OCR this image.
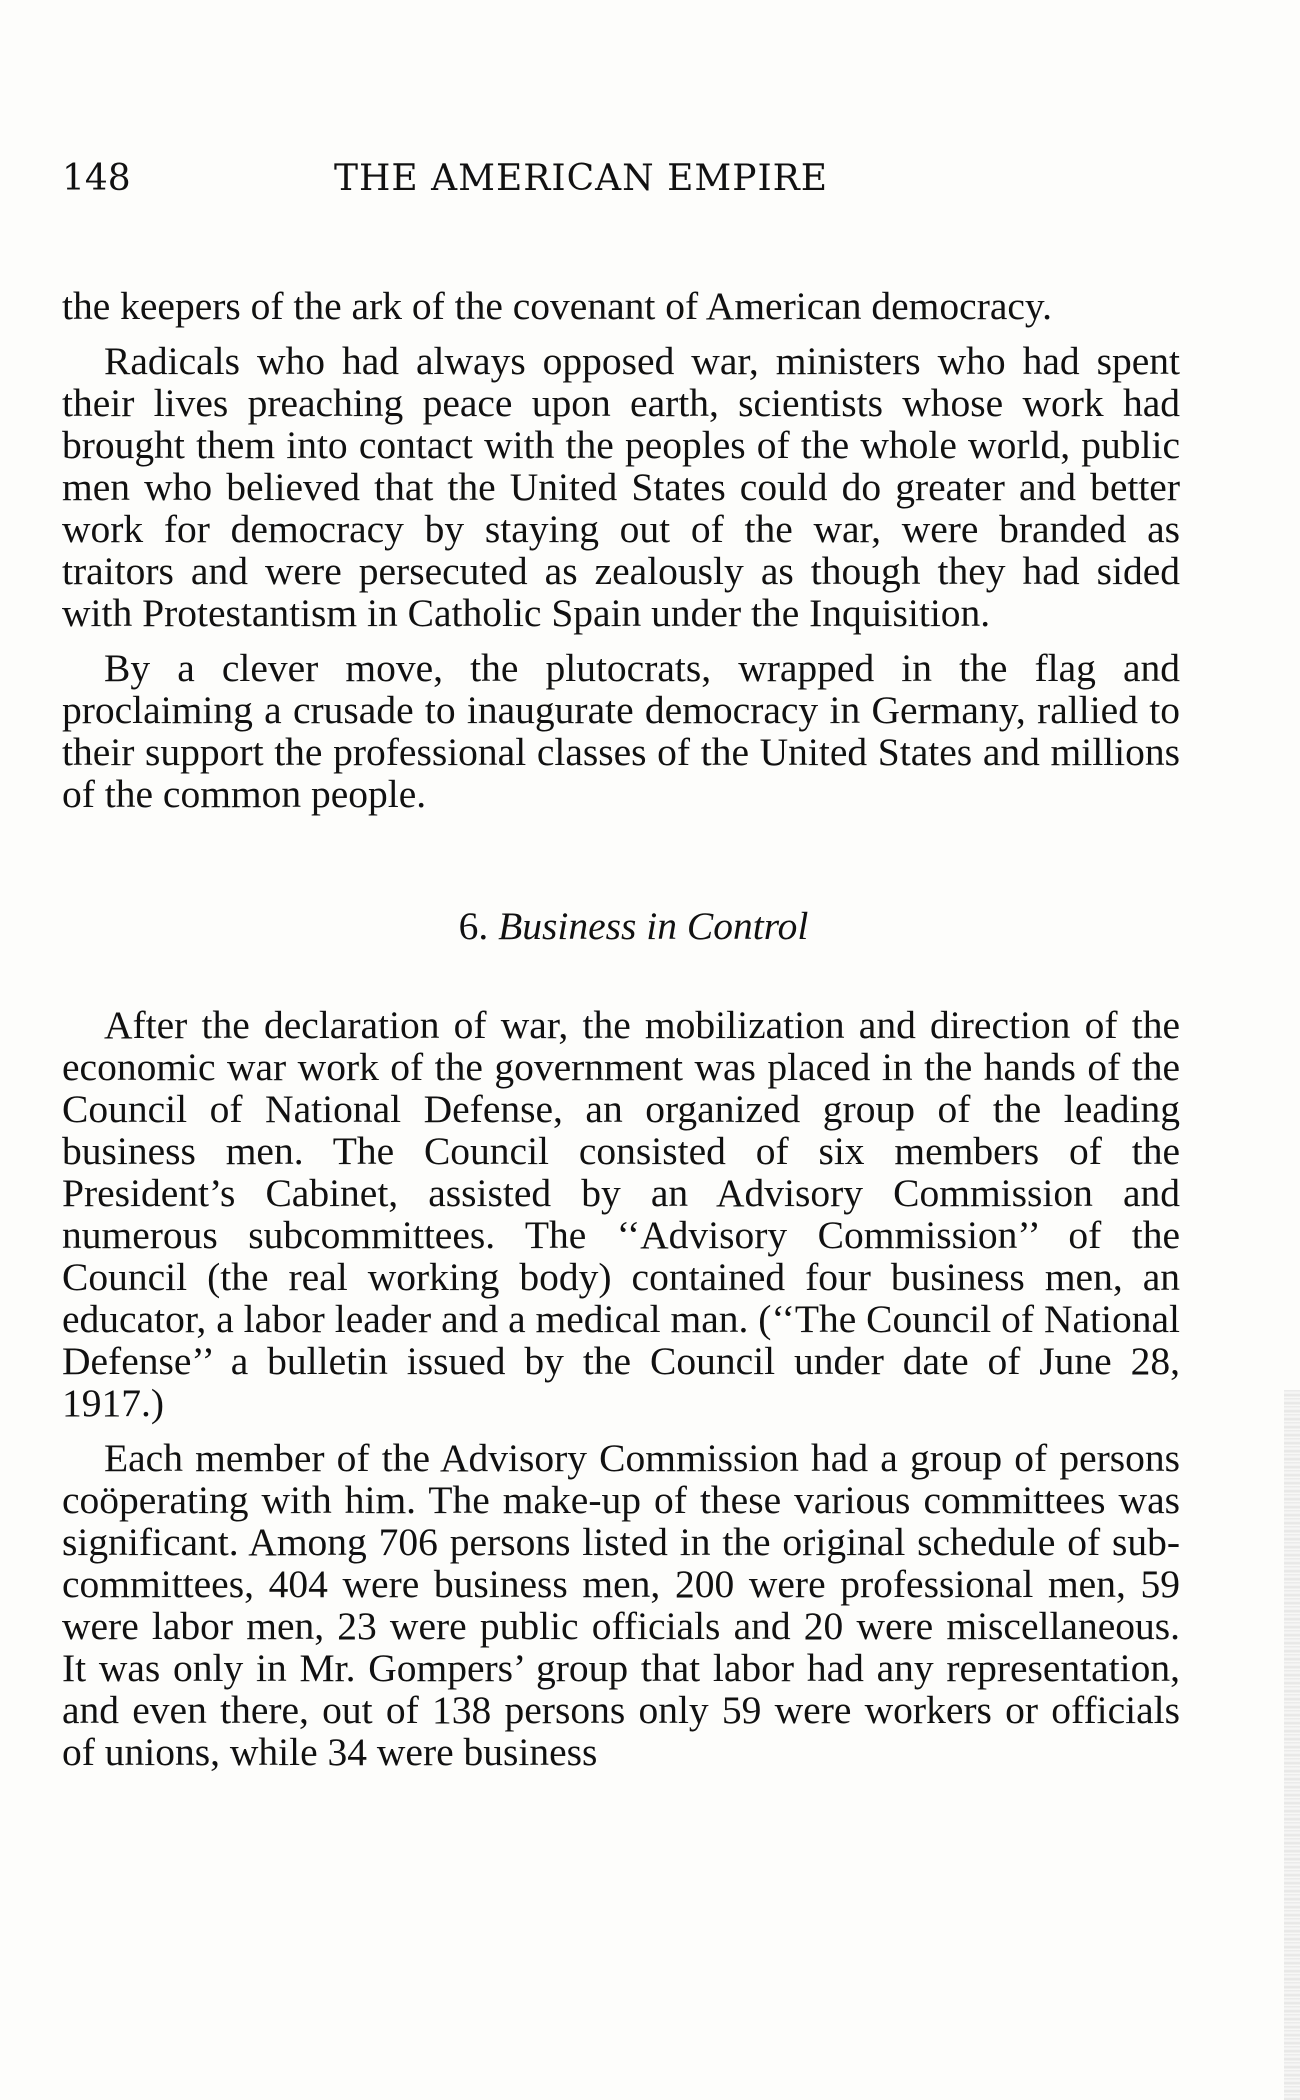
148	THE AMERICAN EMPIRE

the keepers of the ark of the covenant of American democracy.

Radicals who had always opposed war, ministers who had spent their lives preaching peace upon earth, scientists whose work had brought them into contact with the peoples of the whole world, public men who believed that the United States could do greater and better work for democracy by staying out of the war, were branded as traitors and were persecuted as zealously as though they had sided with Protestantism in Catholic Spain under the Inquisition.

By a clever move, the plutocrats, wrapped in the flag and proclaiming a crusade to inaugurate democracy in Germany, rallied to their support the professional classes of the United States and millions of the common people.

6. Business in Control

After the declaration of war, the mobilization and direction of the economic war work of the government was placed in the hands of the Council of National Defense, an organized group of the leading business men. The Council consisted of six members of the President’s Cabinet, assisted by an Advisory Commission and numerous subcommittees. The ‘‘Advisory Commission’’ of the Council (the real working body) contained four business men, an educator, a labor leader and a medical man. (‘‘The Council of National Defense’’ a bulletin issued by the Council under date of June 28, 1917.)

Each member of the Advisory Commission had a group of persons coöperating with him. The make-up of these various committees was significant. Among 706 persons listed in the original schedule of sub-committees, 404 were business men, 200 were professional men, 59 were labor men, 23 were public officials and 20 were miscellaneous. It was only in Mr. Gompers’ group that labor had any representation, and even there, out of 138 persons only 59 were workers or officials of unions, while 34 were business
